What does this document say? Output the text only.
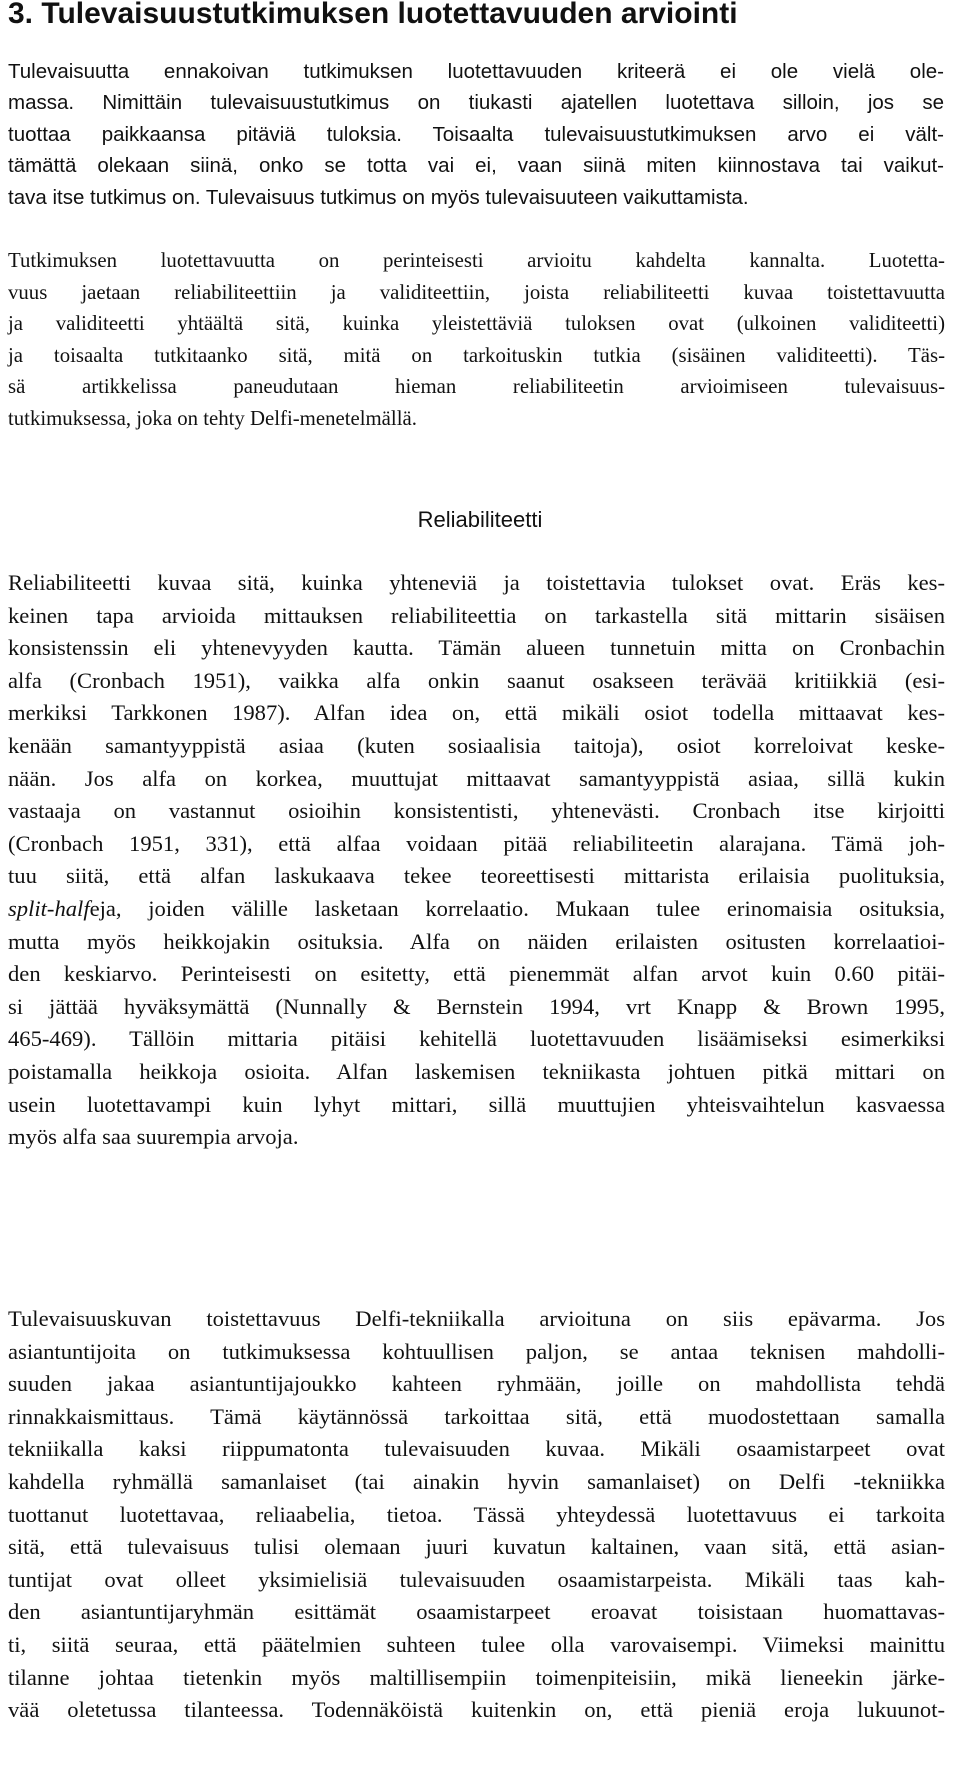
3. Tulevaisuustutkimuksen luotettavuuden arviointi
Tulevaisuutta ennakoivan tutkimuksen luotettavuuden kriteerä ei ole vielä ole-
massa. Nimittäin tulevaisuustutkimus on tiukasti ajatellen luotettava silloin, jos se
tuottaa paikkaansa pitäviä tuloksia. Toisaalta tulevaisuustutkimuksen arvo ei vält-
tämättä olekaan siinä, onko se totta vai ei, vaan siinä miten kiinnostava tai vaikut-
tava itse tutkimus on. Tulevaisuus tutkimus on myös tulevaisuuteen vaikuttamista.
Tutkimuksen luotettavuutta on perinteisesti arvioitu kahdelta kannalta. Luotetta-
vuus jaetaan reliabiliteettiin ja validiteettiin, joista reliabiliteetti kuvaa toistettavuutta
ja validiteetti yhtäältä sitä, kuinka yleistettäviä tuloksen ovat (ulkoinen validiteetti)
ja toisaalta tutkitaanko sitä, mitä on tarkoituskin tutkia (sisäinen validiteetti). Täs-
sä artikkelissa paneudutaan hieman reliabiliteetin arvioimiseen tulevaisuus-
tutkimuksessa, joka on tehty Delfi-menetelmällä.
Reliabiliteetti
Reliabiliteetti kuvaa sitä, kuinka yhteneviä ja toistettavia tulokset ovat. Eräs kes-
keinen tapa arvioida mittauksen reliabiliteettia on tarkastella sitä mittarin sisäisen
konsistenssin eli yhtenevyyden kautta. Tämän alueen tunnetuin mitta on Cronbachin
alfa (Cronbach 1951), vaikka alfa onkin saanut osakseen terävää kritiikkiä (esi-
merkiksi Tarkkonen 1987). Alfan idea on, että mikäli osiot todella mittaavat kes-
kenään samantyyppistä asiaa (kuten sosiaalisia taitoja), osiot korreloivat keske-
nään. Jos alfa on korkea, muuttujat mittaavat samantyyppistä asiaa, sillä kukin
vastaaja on vastannut osioihin konsistentisti, yhtenevästi. Cronbach itse kirjoitti
(Cronbach 1951, 331), että alfaa voidaan pitää reliabiliteetin alarajana. Tämä joh-
tuu siitä, että alfan laskukaava tekee teoreettisesti mittarista erilaisia puolituksia,
split-halfeja, joiden välille lasketaan korrelaatio. Mukaan tulee erinomaisia osituksia,
mutta myös heikkojakin osituksia. Alfa on näiden erilaisten ositusten korrelaatioi-
den keskiarvo. Perinteisesti on esitetty, että pienemmät alfan arvot kuin 0.60 pitäi-
si jättää hyväksymättä (Nunnally & Bernstein 1994, vrt Knapp & Brown 1995,
465-469). Tällöin mittaria pitäisi kehitellä luotettavuuden lisäämiseksi esimerkiksi
poistamalla heikkoja osioita. Alfan laskemisen tekniikasta johtuen pitkä mittari on
usein luotettavampi kuin lyhyt mittari, sillä muuttujien yhteisvaihtelun kasvaessa
myös alfa saa suurempia arvoja.
Tulevaisuuskuvan toistettavuus Delfi-tekniikalla arvioituna on siis epävarma. Jos
asiantuntijoita on tutkimuksessa kohtuullisen paljon, se antaa teknisen mahdolli-
suuden jakaa asiantuntijajoukko kahteen ryhmään, joille on mahdollista tehdä
rinnakkaismittaus. Tämä käytännössä tarkoittaa sitä, että muodostettaan samalla
tekniikalla kaksi riippumatonta tulevaisuuden kuvaa. Mikäli osaamistarpeet ovat
kahdella ryhmällä samanlaiset (tai ainakin hyvin samanlaiset) on Delfi -tekniikka
tuottanut luotettavaa, reliaabelia, tietoa. Tässä yhteydessä luotettavuus ei tarkoita
sitä, että tulevaisuus tulisi olemaan juuri kuvatun kaltainen, vaan sitä, että asian-
tuntijat ovat olleet yksimielisiä tulevaisuuden osaamistarpeista. Mikäli taas kah-
den asiantuntijaryhmän esittämät osaamistarpeet eroavat toisistaan huomattavas-
ti, siitä seuraa, että päätelmien suhteen tulee olla varovaisempi. Viimeksi mainittu
tilanne johtaa tietenkin myös maltillisempiin toimenpiteisiin, mikä lieneekin järke-
vää oletetussa tilanteessa. Todennäköistä kuitenkin on, että pieniä eroja lukuunot-
